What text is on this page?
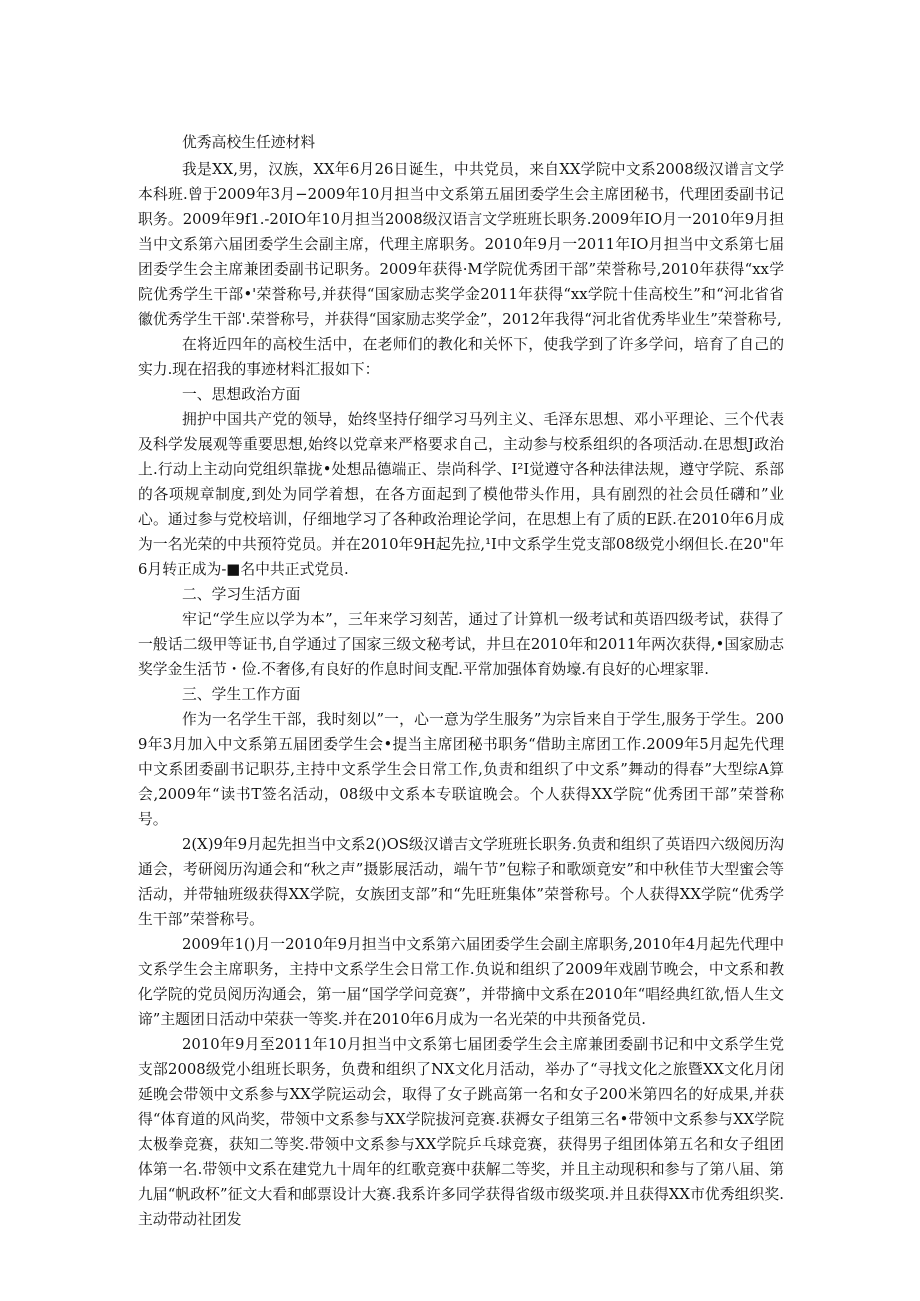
优秀高校生任迹材料

我是XX,男，汉族，XX年6月26日诞生，中共党员，来自XX学院中文系2008级汉谱言文学本科班.曾于2009年3月−2009年10月担当中文系第五届团委学生会主席团秘书，代理团委副书记职务。2009年9f1.-20IO年10月担当2008级汉语言文学班班长职务.2009年IO月一2010年9月担当中文系第六届团委学生会副主席，代理主席职务。2010年9月一2011年IO月担当中文系第七届团委学生会主席兼团委副书记职务。2009年获得·M学院优秀团干部”荣誉称号,2010年获得“xx学院优秀学生干部•'荣誉称号,并获得“国家励志奖学金2011年获得“xx学院十佳高校生”和“河北省省徽优秀学生干部'.荣誉称号，并获得“国家励志奖学金”，2012年我得“河北省优秀毕业生”荣誉称号,

在将近四年的高校生活中，在老师们的教化和关怀下，使我学到了许多学问，培育了自己的实力.现在招我的事迹材料汇报如下：

一、思想政治方面

拥护中国共产党的领导，始终坚持仔细学习马列主义、毛泽东思想、邓小平理论、三个代表及科学发展观等重要思想,始终以党章来严格要求自己，主动参与校系组织的各项活动.在思想J政治上.行动上主动向党组织靠拢•处想品德端正、崇尚科学、I²I觉遵守各种法律法规，遵守学院、系部的各项规章制度,到处为同学着想，在各方面起到了模他带头作用，具有剧烈的社会员任礴和”业心。通过参与党校培训，仔细地学习了各种政治理论学问，在思想上有了质的E跃.在2010年6月成为一名光荣的中共预符党员。并在2010年9H起先拉,¹I中文系学生党支部08级党小纲但长.在20"年6月转正成为-■名中共正式党员.

二、学习生活方面

牢记“学生应以学为本”，三年来学习刻苦，通过了计算机一级考试和英语四级考试，获得了一般话二级甲等证书,自学通过了国家三级文秘考试，井旦在2010年和2011年两次获得,•国家励志奖学金生活节・俭.不奢侈,有良好的作息时间支配.平常加强体育妫壕.有良好的心埋家罪.

三、学生工作方面

作为一名学生干部，我时刻以”一，心一意为学生服务”为宗旨来自于学生,服务于学生。2009年3月加入中文系第五届团委学生会•提当主席团秘书职务“借助主席团工作.2009年5月起先代理中文系团委副书记职芬,主持中文系学生会日常工作,负责和组织了中文系”舞动的得春”大型综A算会,2009年“读书T签名活动，08级中文系本专联谊晚会。个人获得XX学院“优秀团干部”荣誉称号。

2(X)9年9月起先担当中文系2()OS级汉谱吉文学班班长职务.负责和组织了英语四六级阅历沟通会，考研阅历沟通会和“秋之声”摄影展活动，端午节”包粽子和歌颂竟安”和中秋佳节大型蜜会等活动，并带轴班级获得XX学院，女族团支部”和“先旺班集体”荣誉称号。个人获得XX学院“优秀学生干部”荣誉称号。

2009年1()月一2010年9月担当中文系第六届团委学生会副主席职务,2010年4月起先代理中文系学生会主席职务，主持中文系学生会日常工作.负说和组织了2009年戏剧节晚会，中文系和教化学院的党员阅历沟通会，第一届“国学学问竞赛”，并带摘中文系在2010年“唱经典红欲,悟人生文谛”主题团日活动中荣获一等奖.并在2010年6月成为一名光荣的中共预备党员.

2010年9月至2011年10月担当中文系第七届团委学生会主席兼团委副书记和中文系学生党支部2008级党小组班长职务，负费和组织了NX文化月活动，举办了“寻找文化之旅暨XX文化月闭延晚会带领中文系参与XX学院运动会，取得了女子跳高第一名和女子200米第四名的好成果,并获得“体育道的风尚奖，带领中文系参与XX学院拔河竞赛.获褥女子组第三名•带领中文系参与XX学院太极拳竞赛，获知二等奖.带领中文系参与XX学院乒乓球竞赛，获得男子组团体第五名和女子组团体第一名.带领中文系在建党九十周年的红歌竞赛中获解二等奖，并且主动现积和参与了第八届、第九届“帆政杯”征文大看和邮票设计大赛.我系许多同学获得省级市级奖项.并且获得XX市优秀组织奖.主动带动社团发
